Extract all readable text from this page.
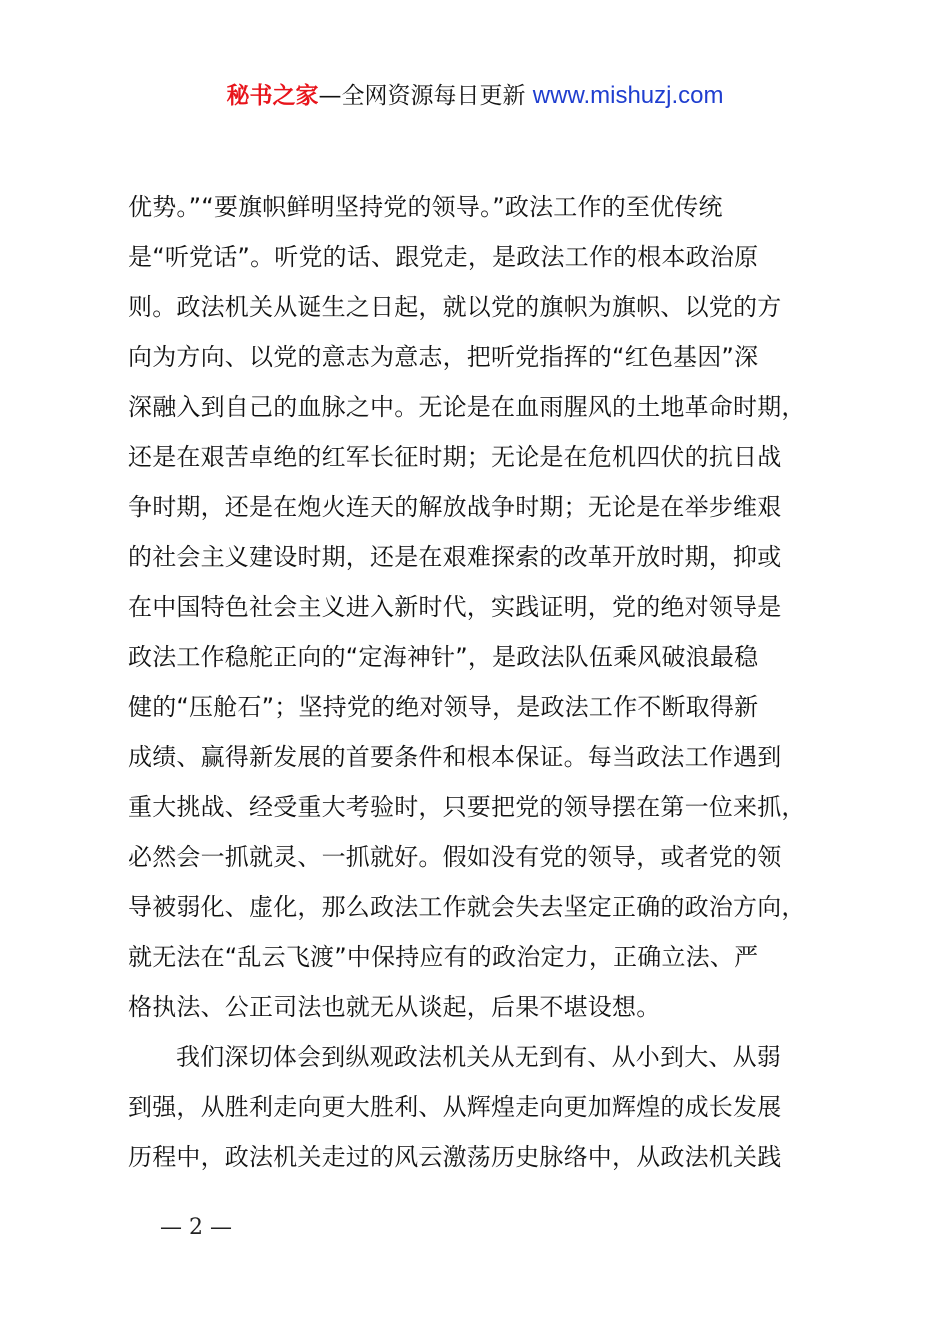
秘书之家—全网资源每日更新 www.mishuzj.com
优势。”“要旗帜鲜明坚持党的领导。”政法工作的至优传统
是“听党话”。听党的话、跟党走，是政法工作的根本政治原
则。政法机关从诞生之日起，就以党的旗帜为旗帜、以党的方
向为方向、以党的意志为意志，把听党指挥的“红色基因”深
深融入到自己的血脉之中。无论是在血雨腥风的土地革命时期，
还是在艰苦卓绝的红军长征时期；无论是在危机四伏的抗日战
争时期，还是在炮火连天的解放战争时期；无论是在举步维艰
的社会主义建设时期，还是在艰难探索的改革开放时期，抑或
在中国特色社会主义进入新时代，实践证明，党的绝对领导是
政法工作稳舵正向的“定海神针”，是政法队伍乘风破浪最稳
健的“压舱石”；坚持党的绝对领导，是政法工作不断取得新
成绩、赢得新发展的首要条件和根本保证。每当政法工作遇到
重大挑战、经受重大考验时，只要把党的领导摆在第一位来抓，
必然会一抓就灵、一抓就好。假如没有党的领导，或者党的领
导被弱化、虚化，那么政法工作就会失去坚定正确的政治方向，
就无法在“乱云飞渡”中保持应有的政治定力，正确立法、严
格执法、公正司法也就无从谈起，后果不堪设想。
我们深切体会到纵观政法机关从无到有、从小到大、从弱
到强，从胜利走向更大胜利、从辉煌走向更加辉煌的成长发展
历程中，政法机关走过的风云激荡历史脉络中，从政法机关践
— 2 —
